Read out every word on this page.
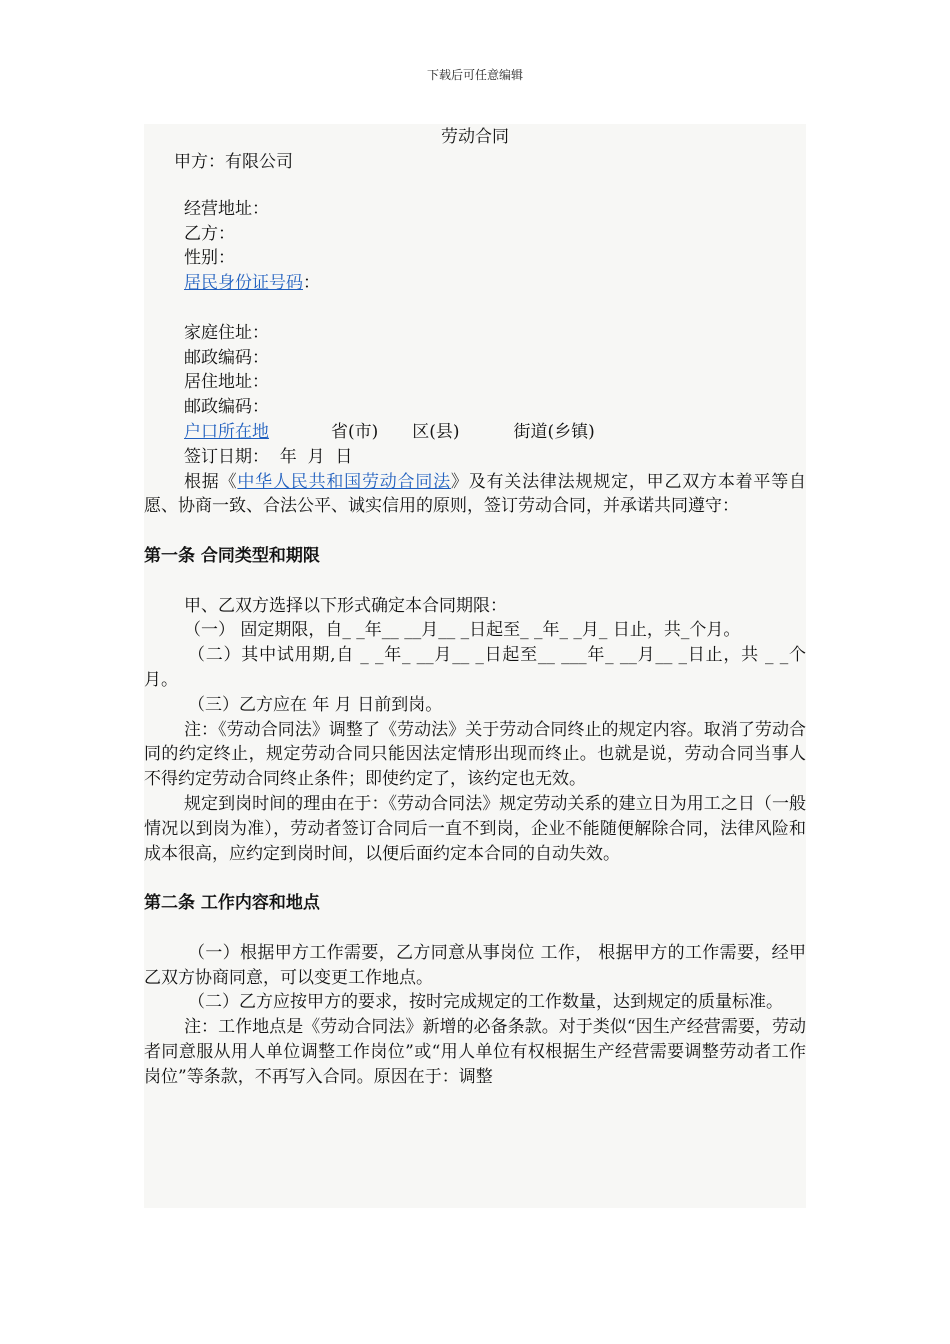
下载后可任意编辑

劳动合同

甲方：有限公司

经营地址：

乙方：

性别：

居民身份证号码：

家庭住址：

邮政编码：

居住地址：

邮政编码：

户口所在地	省(市) 区(县)	街道(乡镇)

签订日期：  年  月  日

根据《中华人民共和国劳动合同法》及有关法律法规规定，甲乙双方本着平等自愿、协商一致、合法公平、诚实信用的原则，签订劳动合同，并承诺共同遵守：

第一条 合同类型和期限

甲、乙双方选择以下形式确定本合同期限：

（一） 固定期限，自_ _年__ __月__ _日起至_ _年_ _月_ 日止，共_个月。

（二）其中试用期,自 _ _年_ __月__ _日起至__ ___年_ __月__ _日止，共 _ _个月。

（三）乙方应在 年 月 日前到岗。

注：《劳动合同法》调整了《劳动法》关于劳动合同终止的规定内容。取消了劳动合同的约定终止，规定劳动合同只能因法定情形出现而终止。也就是说，劳动合同当事人不得约定劳动合同终止条件；即使约定了，该约定也无效。

规定到岗时间的理由在于：《劳动合同法》规定劳动关系的建立日为用工之日（一般情况以到岗为准），劳动者签订合同后一直不到岗，企业不能随便解除合同，法律风险和成本很高，应约定到岗时间，以便后面约定本合同的自动失效。

第二条 工作内容和地点

（一）根据甲方工作需要，乙方同意从事岗位 工作， 根据甲方的工作需要，经甲乙双方协商同意，可以变更工作地点。

（二）乙方应按甲方的要求，按时完成规定的工作数量，达到规定的质量标准。

注：工作地点是《劳动合同法》新增的必备条款。对于类似“因生产经营需要，劳动者同意服从用人单位调整工作岗位”或“用人单位有权根据生产经营需要调整劳动者工作岗位”等条款，不再写入合同。原因在于：调整
